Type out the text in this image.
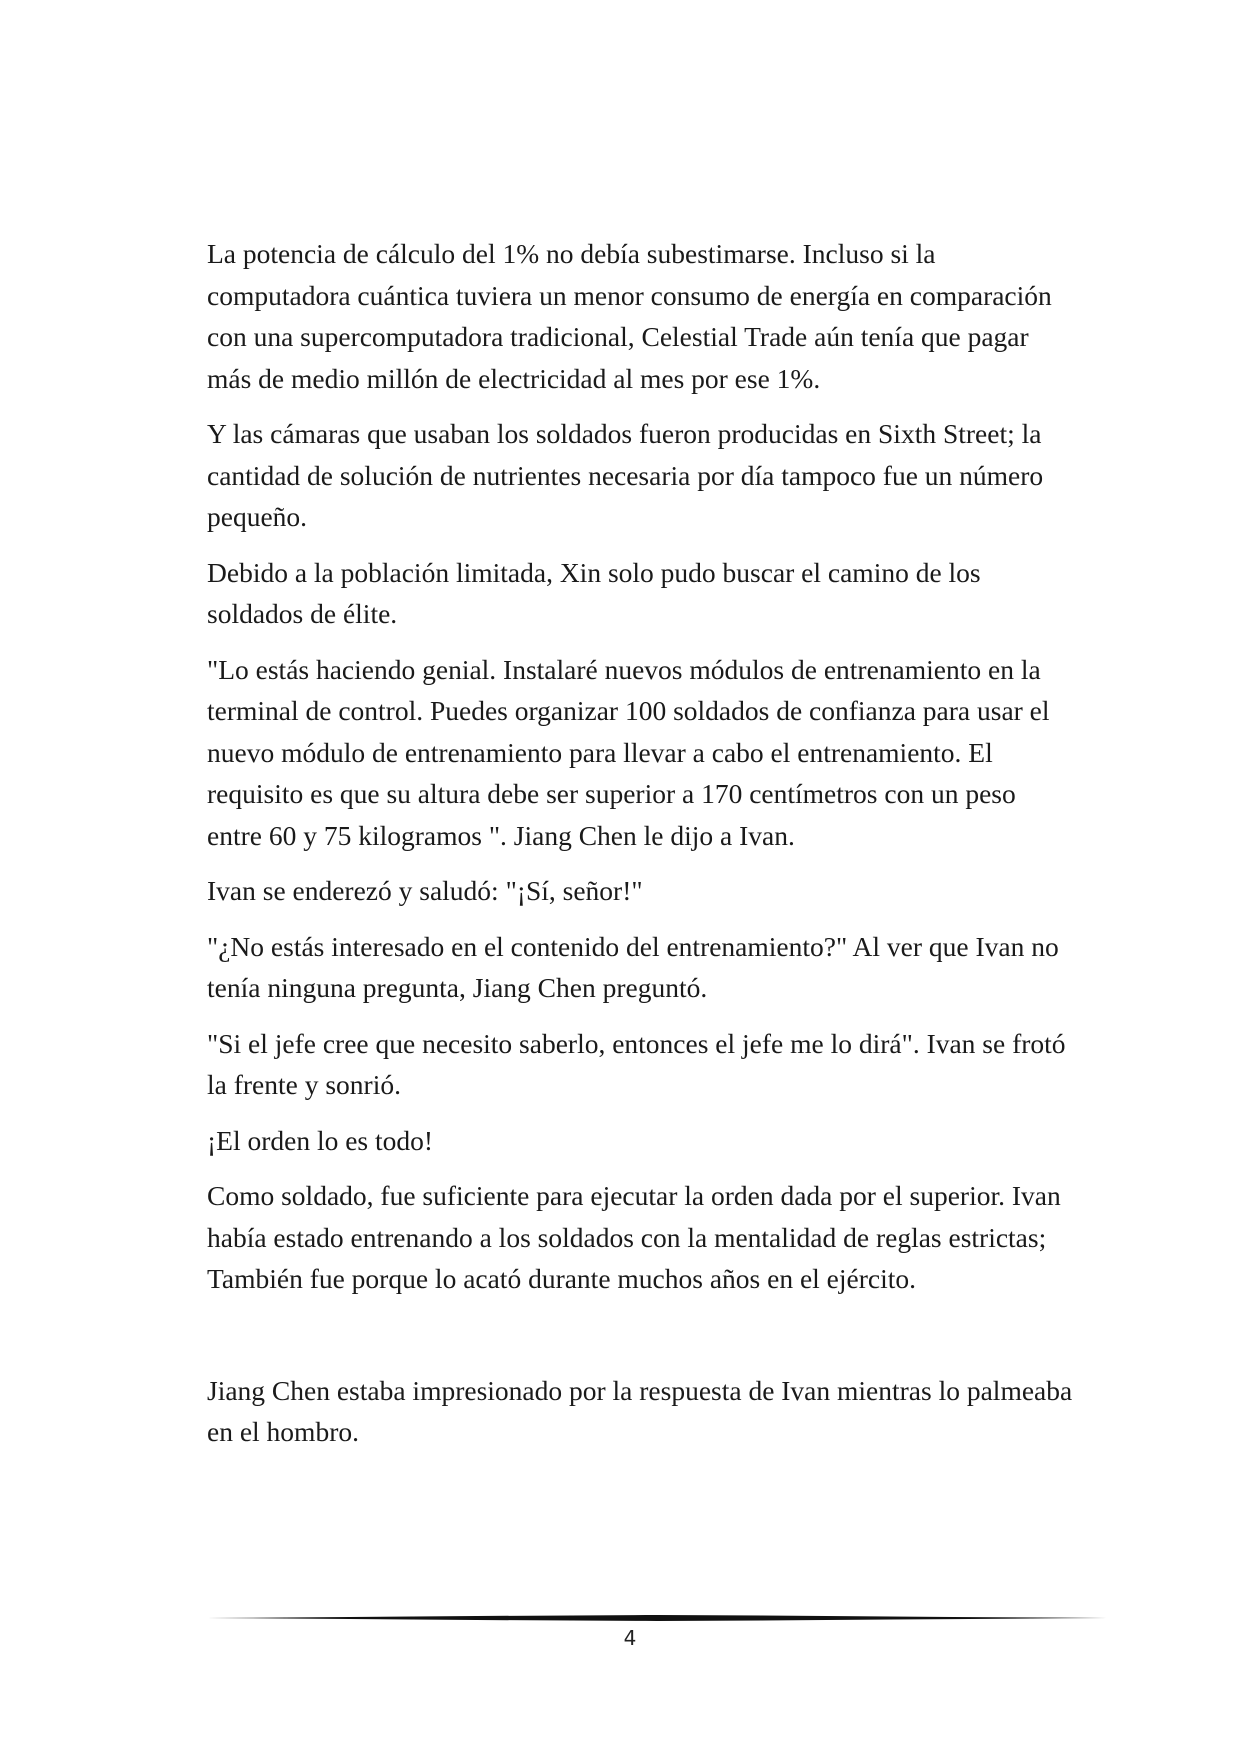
La potencia de cálculo del 1% no debía subestimarse. Incluso si la computadora cuántica tuviera un menor consumo de energía en comparación con una supercomputadora tradicional, Celestial Trade aún tenía que pagar más de medio millón de electricidad al mes por ese 1%.

Y las cámaras que usaban los soldados fueron producidas en Sixth Street; la cantidad de solución de nutrientes necesaria por día tampoco fue un número pequeño.

Debido a la población limitada, Xin solo pudo buscar el camino de los soldados de élite.

"Lo estás haciendo genial. Instalaré nuevos módulos de entrenamiento en la terminal de control. Puedes organizar 100 soldados de confianza para usar el nuevo módulo de entrenamiento para llevar a cabo el entrenamiento. El requisito es que su altura debe ser superior a 170 centímetros con un peso entre 60 y 75 kilogramos ". Jiang Chen le dijo a Ivan.

Ivan se enderezó y saludó: "¡Sí, señor!"

"¿No estás interesado en el contenido del entrenamiento?" Al ver que Ivan no tenía ninguna pregunta, Jiang Chen preguntó.

"Si el jefe cree que necesito saberlo, entonces el jefe me lo dirá". Ivan se frotó la frente y sonrió.

¡El orden lo es todo!

Como soldado, fue suficiente para ejecutar la orden dada por el superior. Ivan había estado entrenando a los soldados con la mentalidad de reglas estrictas; También fue porque lo acató durante muchos años en el ejército.

Jiang Chen estaba impresionado por la respuesta de Ivan mientras lo palmeaba en el hombro.

4
